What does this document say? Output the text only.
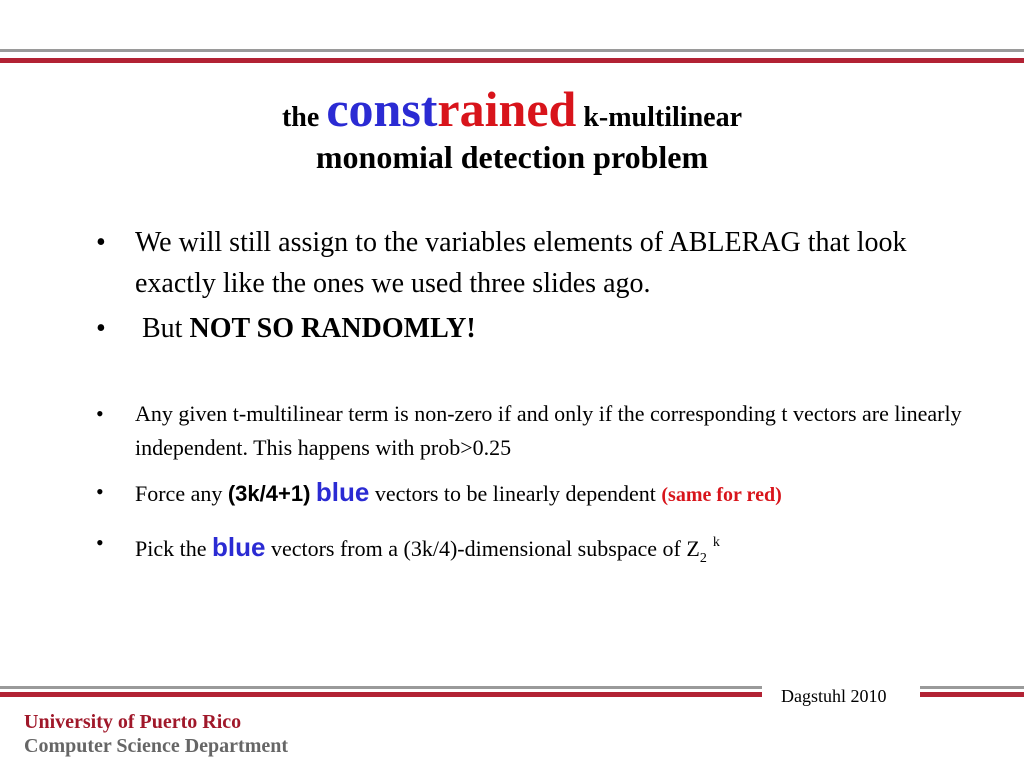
the constrained k-multilinear
monomial detection problem
• We will still assign to the variables elements of ABLERAG that look exactly like the ones we used three slides ago.
• But NOT SO RANDOMLY!
• Any given t-multilinear term is non-zero if and only if the corresponding t vectors are linearly independent. This happens with prob>0.25
• Force any (3k/4+1) blue vectors to be linearly dependent (same for red)
• Pick the blue vectors from a (3k/4)-dimensional subspace of $Z_2^k$
Dagstuhl 2010
University of Puerto Rico
Computer Science Department
